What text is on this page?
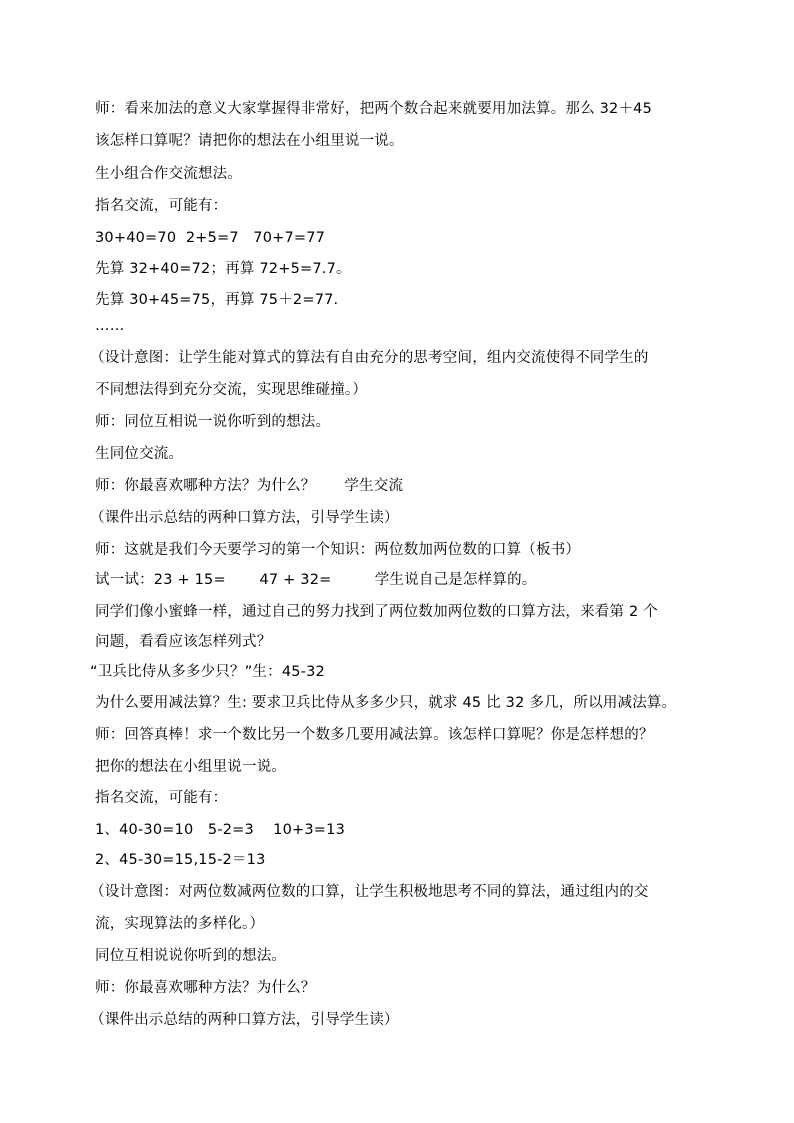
师：看来加法的意义大家掌握得非常好，把两个数合起来就要用加法算。那么 32＋45
该怎样口算呢？请把你的想法在小组里说一说。
生小组合作交流想法。
指名交流，可能有：
30+40=70  2+5=7   70+7=77
先算 32+40=72；再算 72+5=7.7。
先算 30+45=75，再算 75＋2=77.
……
（设计意图：让学生能对算式的算法有自由充分的思考空间，组内交流使得不同学生的
不同想法得到充分交流，实现思维碰撞。）
师：同位互相说一说你听到的想法。
生同位交流。
师：你最喜欢哪种方法？为什么？      学生交流
（课件出示总结的两种口算方法，引导学生读）
师：这就是我们今天要学习的第一个知识：两位数加两位数的口算（板书）
试一试：23 + 15=       47 + 32=         学生说自己是怎样算的。
同学们像小蜜蜂一样，通过自己的努力找到了两位数加两位数的口算方法，来看第 2 个
问题，看看应该怎样列式？
“卫兵比侍从多多少只？”生：45-32
为什么要用减法算？生: 要求卫兵比侍从多多少只，就求 45 比 32 多几，所以用减法算。
师：回答真棒！求一个数比另一个数多几要用减法算。该怎样口算呢？你是怎样想的？
把你的想法在小组里说一说。
指名交流，可能有：
1、40-30=10   5-2=3    10+3=13
2、45-30=15,15-2＝13
（设计意图：对两位数减两位数的口算，让学生积极地思考不同的算法，通过组内的交
流，实现算法的多样化。）
同位互相说说你听到的想法。
师：你最喜欢哪种方法？为什么？
（课件出示总结的两种口算方法，引导学生读）
